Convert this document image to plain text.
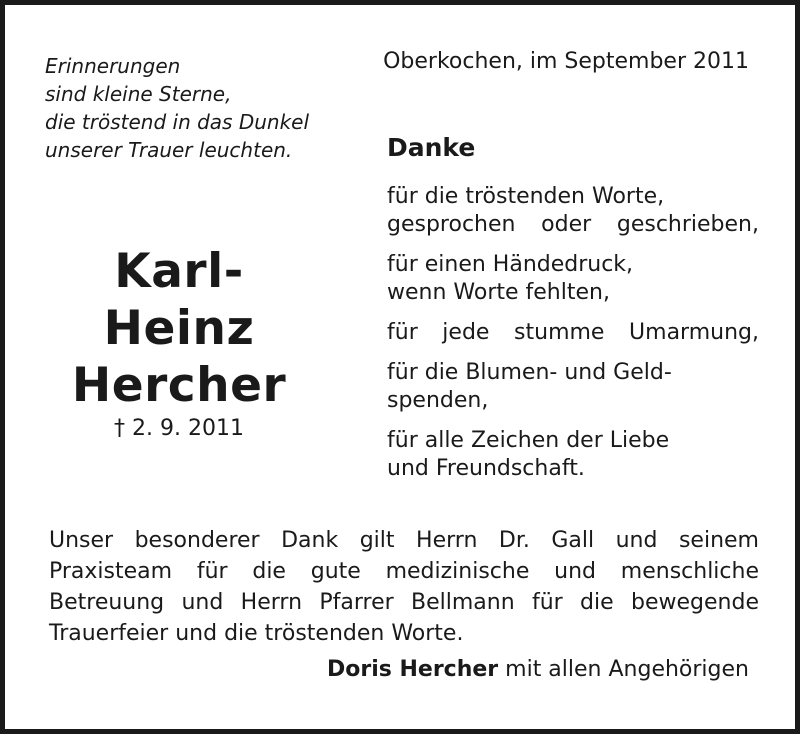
Erinnerungen
sind kleine Sterne,
die tröstend in das Dunkel
unserer Trauer leuchten.

Oberkochen, im September 2011

Danke
Karl-Heinz
Hercher

† 2. 9. 2011

für die tröstenden Worte,
gesprochen oder geschrieben,
für einen Händedruck,
wenn Worte fehlten,
für jede stumme Umarmung,
für die Blumen- und Geld-
spenden,
für alle Zeichen der Liebe
und Freundschaft.
Unser besonderer Dank gilt Herrn Dr. Gall und seinem
Praxisteam für die gute medizinische und menschliche
Betreuung und Herrn Pfarrer Bellmann für die bewegende
Trauerfeier und die tröstenden Worte.

Doris Hercher mit allen Angehörigen
